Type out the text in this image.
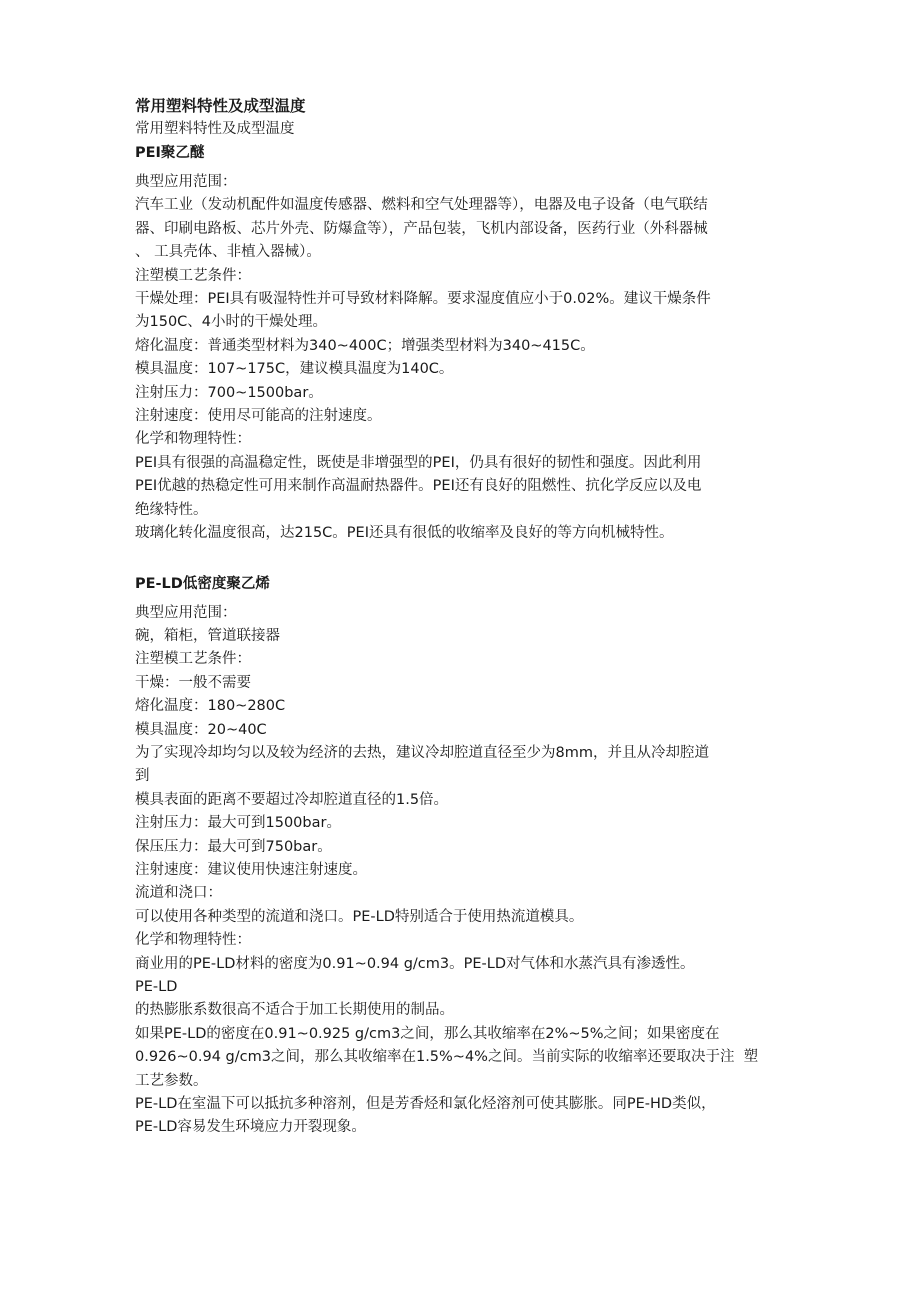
常用塑料特性及成型温度

常用塑料特性及成型温度

PEI聚乙醚

典型应用范围：

汽车工业（发动机配件如温度传感器、燃料和空气处理器等），电器及电子设备（电气联结

器、印刷电路板、芯片外壳、防爆盒等），产品包装，飞机内部设备，医药行业（外科器械

、 工具壳体、非植入器械）。

注塑模工艺条件：

干燥处理：PEI具有吸湿特性并可导致材料降解。要求湿度值应小于0.02%。建议干燥条件

为150C、4小时的干燥处理。

熔化温度：普通类型材料为340~400C；增强类型材料为340~415C。

模具温度：107~175C，建议模具温度为140C。

注射压力：700~1500bar。

注射速度：使用尽可能高的注射速度。

化学和物理特性：

PEI具有很强的高温稳定性，既使是非增强型的PEI，仍具有很好的韧性和强度。因此利用

PEI优越的热稳定性可用来制作高温耐热器件。PEI还有良好的阻燃性、抗化学反应以及电

绝缘特性。

玻璃化转化温度很高，达215C。PEI还具有很低的收缩率及良好的等方向机械特性。

PE-LD低密度聚乙烯

典型应用范围：

碗，箱柜，管道联接器

注塑模工艺条件：

干燥：一般不需要

熔化温度：180~280C

模具温度：20~40C

为了实现冷却均匀以及较为经济的去热，建议冷却腔道直径至少为8mm，并且从冷却腔道

到

模具表面的距离不要超过冷却腔道直径的1.5倍。

注射压力：最大可到1500bar。

保压压力：最大可到750bar。

注射速度：建议使用快速注射速度。

流道和浇口：

可以使用各种类型的流道和浇口。PE-LD特别适合于使用热流道模具。

化学和物理特性：

商业用的PE-LD材料的密度为0.91~0.94 g/cm3。PE-LD对气体和水蒸汽具有渗透性。

PE-LD

的热膨胀系数很高不适合于加工长期使用的制品。

如果PE-LD的密度在0.91~0.925 g/cm3之间，那么其收缩率在2%~5%之间；如果密度在

0.926~0.94 g/cm3之间，那么其收缩率在1.5%~4%之间。当前实际的收缩率还要取决于注  塑

工艺参数。

PE-LD在室温下可以抵抗多种溶剂，但是芳香烃和氯化烃溶剂可使其膨胀。同PE-HD类似，

PE-LD容易发生环境应力开裂现象。
